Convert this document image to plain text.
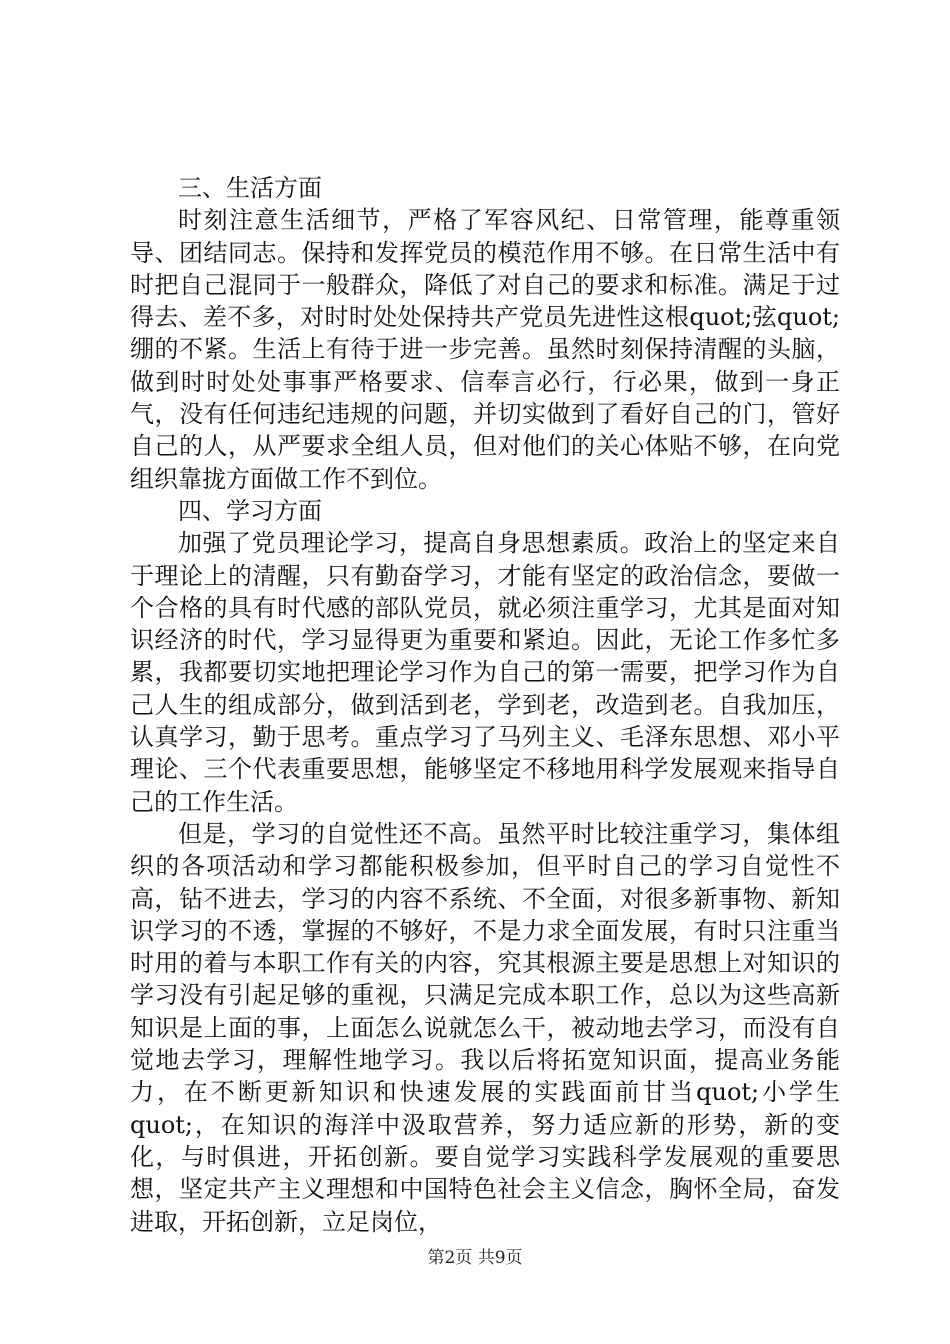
三、生活方面

时刻注意生活细节，严格了军容风纪、日常管理，能尊重领导、团结同志。保持和发挥党员的模范作用不够。在日常生活中有时把自己混同于一般群众，降低了对自己的要求和标准。满足于过得去、差不多，对时时处处保持共产党员先进性这根quot;弦quot;绷的不紧。生活上有待于进一步完善。虽然时刻保持清醒的头脑，做到时时处处事事严格要求、信奉言必行，行必果，做到一身正气，没有任何违纪违规的问题，并切实做到了看好自己的门，管好自己的人，从严要求全组人员，但对他们的关心体贴不够，在向党组织靠拢方面做工作不到位。

四、学习方面

加强了党员理论学习，提高自身思想素质。政治上的坚定来自于理论上的清醒，只有勤奋学习，才能有坚定的政治信念，要做一个合格的具有时代感的部队党员，就必须注重学习，尤其是面对知识经济的时代，学习显得更为重要和紧迫。因此，无论工作多忙多累，我都要切实地把理论学习作为自己的第一需要，把学习作为自己人生的组成部分，做到活到老，学到老，改造到老。自我加压，认真学习，勤于思考。重点学习了马列主义、毛泽东思想、邓小平理论、三个代表重要思想，能够坚定不移地用科学发展观来指导自己的工作生活。

但是，学习的自觉性还不高。虽然平时比较注重学习，集体组织的各项活动和学习都能积极参加，但平时自己的学习自觉性不高，钻不进去，学习的内容不系统、不全面，对很多新事物、新知识学习的不透，掌握的不够好，不是力求全面发展，有时只注重当时用的着与本职工作有关的内容，究其根源主要是思想上对知识的学习没有引起足够的重视，只满足完成本职工作，总以为这些高新知识是上面的事，上面怎么说就怎么干，被动地去学习，而没有自觉地去学习，理解性地学习。我以后将拓宽知识面，提高业务能力，在不断更新知识和快速发展的实践面前甘当quot;小学生quot;，在知识的海洋中汲取营养，努力适应新的形势，新的变化，与时俱进，开拓创新。要自觉学习实践科学发展观的重要思想，坚定共产主义理想和中国特色社会主义信念，胸怀全局，奋发进取，开拓创新，立足岗位，

第2页 共9页
